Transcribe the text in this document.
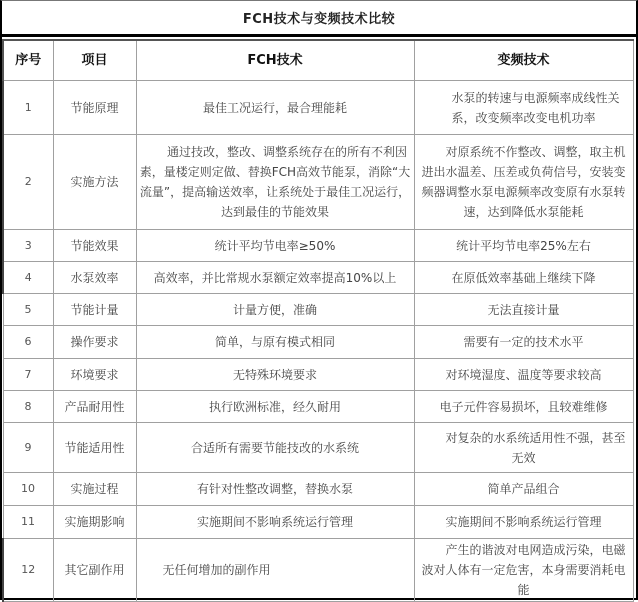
FCH技术与变频技术比较
序号	项目	FCH技术	变频技术
1	节能原理	最佳工况运行，最合理能耗	水泵的转速与电源频率成线性关系，改变频率改变电机功率
2	实施方法	通过技改，整改、调整系统存在的所有不利因素，量楼定则定做、替换FCH高效节能泵，消除“大流量”，提高输送效率，让系统处于最佳工况运行，达到最佳的节能效果	对原系统不作整改、调整，取主机进出水温差、压差或负荷信号，安装变频器调整水泵电源频率改变原有水泵转速，达到降低水泵能耗
3	节能效果	统计平均节电率≥50%	统计平均节电率25%左右
4	水泵效率	高效率，并比常规水泵额定效率提高10%以上	在原低效率基础上继续下降
5	节能计量	计量方便，准确	无法直接计量
6	操作要求	简单，与原有模式相同	需要有一定的技术水平
7	环境要求	无特殊环境要求	对环境湿度、温度等要求较高
8	产品耐用性	执行欧洲标准，经久耐用	电子元件容易损坏，且较难维修
9	节能适用性	合适所有需要节能技改的水系统	对复杂的水系统适用性不强，甚至无效
10	实施过程	有针对性整改调整，替换水泵	简单产品组合
11	实施期影响	实施期间不影响系统运行管理	实施期间不影响系统运行管理
12	其它副作用	无任何增加的副作用	产生的谐波对电网造成污染，电磁波对人体有一定危害，本身需要消耗电能
